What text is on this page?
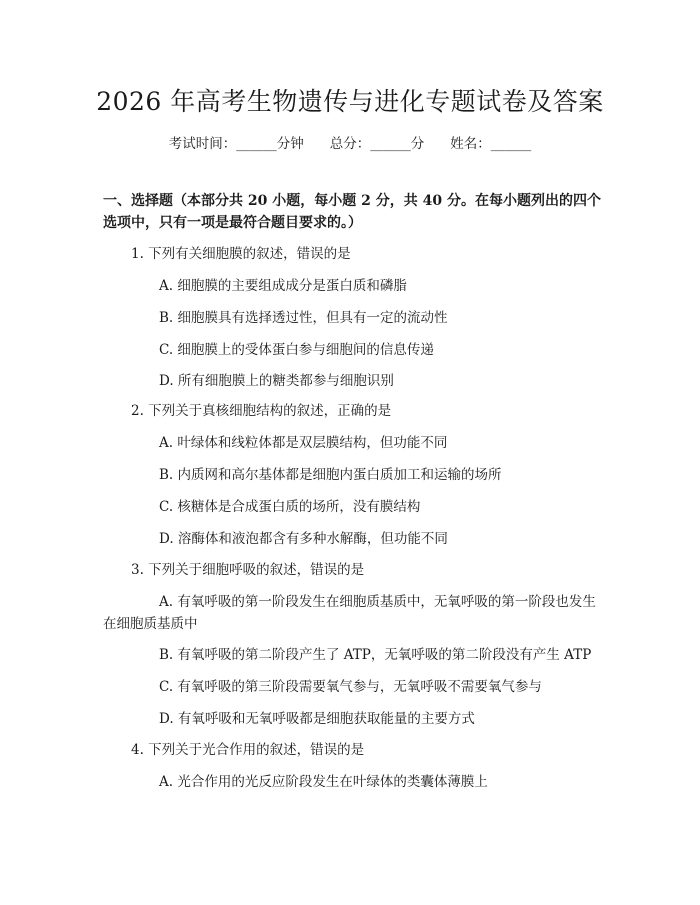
2026 年高考生物遗传与进化专题试卷及答案
考试时间：______分钟 总分：______分 姓名：______
一、选择题（本部分共 20 小题，每小题 2 分，共 40 分。在每小题列出的四个选项中，只有一项是最符合题目要求的。）
1. 下列有关细胞膜的叙述，错误的是
A. 细胞膜的主要组成成分是蛋白质和磷脂
B. 细胞膜具有选择透过性，但具有一定的流动性
C. 细胞膜上的受体蛋白参与细胞间的信息传递
D. 所有细胞膜上的糖类都参与细胞识别
2. 下列关于真核细胞结构的叙述，正确的是
A. 叶绿体和线粒体都是双层膜结构，但功能不同
B. 内质网和高尔基体都是细胞内蛋白质加工和运输的场所
C. 核糖体是合成蛋白质的场所，没有膜结构
D. 溶酶体和液泡都含有多种水解酶，但功能不同
3. 下列关于细胞呼吸的叙述，错误的是
A. 有氧呼吸的第一阶段发生在细胞质基质中，无氧呼吸的第一阶段也发生在细胞质基质中
B. 有氧呼吸的第二阶段产生了 ATP，无氧呼吸的第二阶段没有产生 ATP
C. 有氧呼吸的第三阶段需要氧气参与，无氧呼吸不需要氧气参与
D. 有氧呼吸和无氧呼吸都是细胞获取能量的主要方式
4. 下列关于光合作用的叙述，错误的是
A. 光合作用的光反应阶段发生在叶绿体的类囊体薄膜上
